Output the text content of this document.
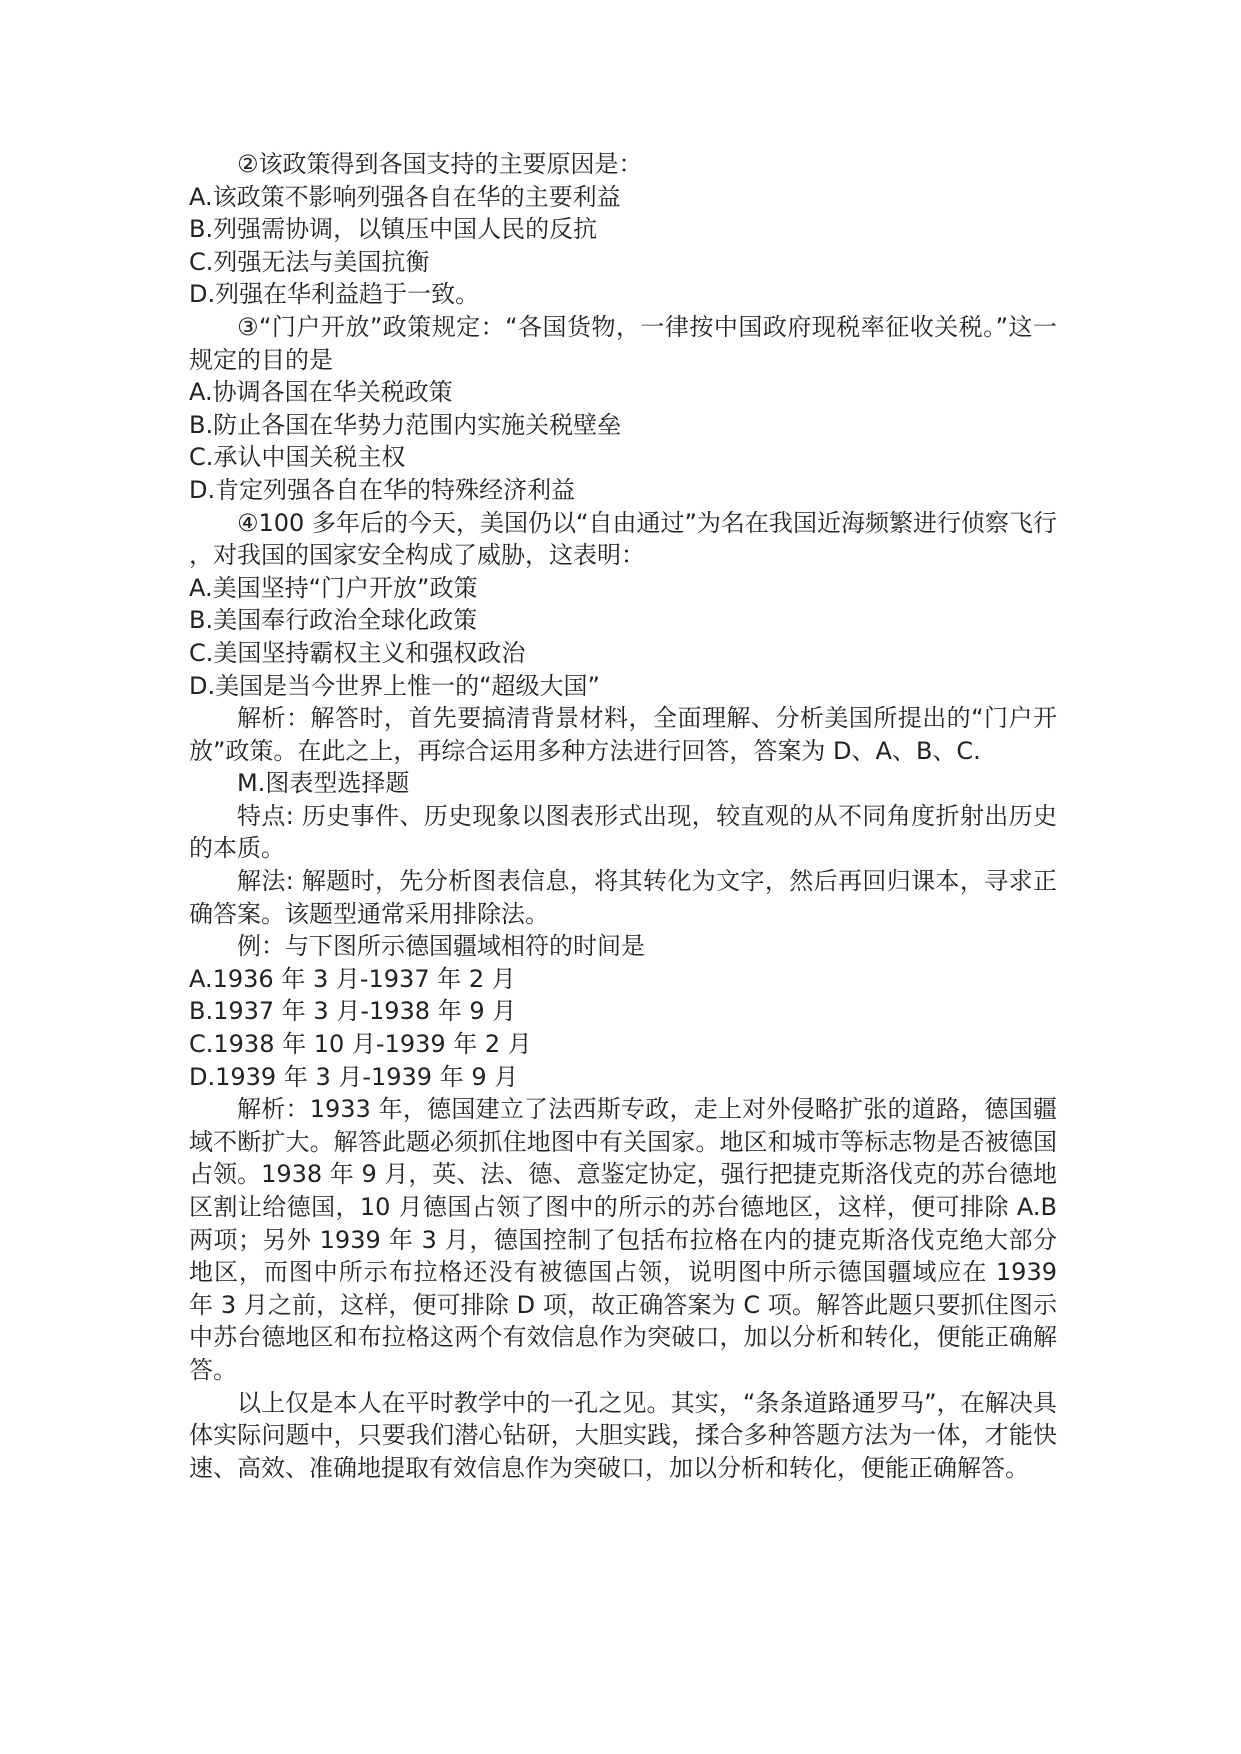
②该政策得到各国支持的主要原因是：

A.该政策不影响列强各自在华的主要利益

B.列强需协调，以镇压中国人民的反抗

C.列强无法与美国抗衡

D.列强在华利益趋于一致。

③“门户开放”政策规定：“各国货物，一律按中国政府现税率征收关税。”这一规定的目的是

A.协调各国在华关税政策

B.防止各国在华势力范围内实施关税壁垒

C.承认中国关税主权

D.肯定列强各自在华的特殊经济利益

④100 多年后的今天，美国仍以“自由通过”为名在我国近海频繁进行侦察飞行，对我国的国家安全构成了威胁，这表明：

A.美国坚持“门户开放”政策

B.美国奉行政治全球化政策

C.美国坚持霸权主义和强权政治

D.美国是当今世界上惟一的“超级大国”

解析：解答时，首先要搞清背景材料，全面理解、分析美国所提出的“门户开放”政策。在此之上，再综合运用多种方法进行回答，答案为 D、A、B、C.

M.图表型选择题

特点: 历史事件、历史现象以图表形式出现，较直观的从不同角度折射出历史的本质。

解法: 解题时，先分析图表信息，将其转化为文字，然后再回归课本，寻求正确答案。该题型通常采用排除法。

例：与下图所示德国疆域相符的时间是

A.1936 年 3 月-1937 年 2 月

B.1937 年 3 月-1938 年 9 月

C.1938 年 10 月-1939 年 2 月

D.1939 年 3 月-1939 年 9 月

解析：1933 年，德国建立了法西斯专政，走上对外侵略扩张的道路，德国疆域不断扩大。解答此题必须抓住地图中有关国家。地区和城市等标志物是否被德国占领。1938 年 9 月，英、法、德、意鉴定协定，强行把捷克斯洛伐克的苏台德地区割让给德国，10 月德国占领了图中的所示的苏台德地区，这样，便可排除 A.B 两项；另外 1939 年 3 月，德国控制了包括布拉格在内的捷克斯洛伐克绝大部分地区，而图中所示布拉格还没有被德国占领，说明图中所示德国疆域应在 1939 年 3 月之前，这样，便可排除 D 项，故正确答案为 C 项。解答此题只要抓住图示中苏台德地区和布拉格这两个有效信息作为突破口，加以分析和转化，便能正确解答。

以上仅是本人在平时教学中的一孔之见。其实，“条条道路通罗马”，在解决具体实际问题中，只要我们潜心钻研，大胆实践，揉合多种答题方法为一体，才能快速、高效、准确地提取有效信息作为突破口，加以分析和转化，便能正确解答。
